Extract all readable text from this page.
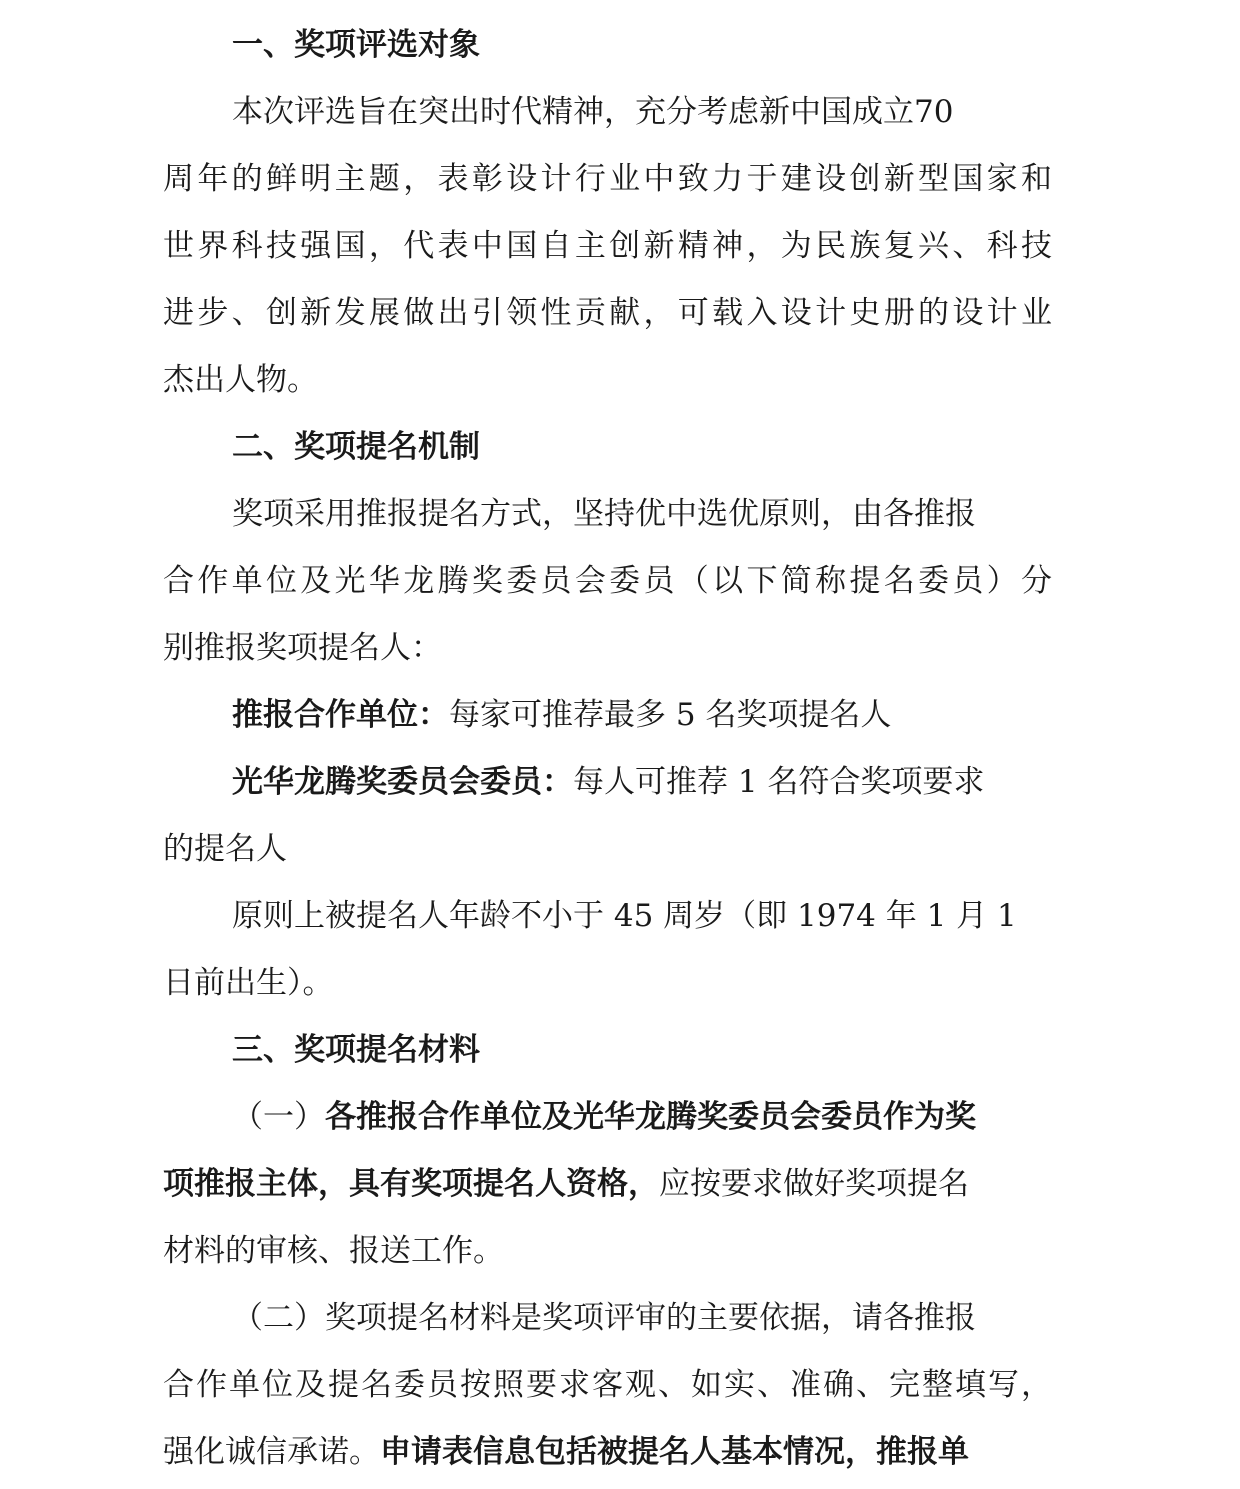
一、奖项评选对象
本次评选旨在突出时代精神，充分考虑新中国成立70
周年的鲜明主题，表彰设计行业中致力于建设创新型国家和
世界科技强国，代表中国自主创新精神，为民族复兴、科技
进步、创新发展做出引领性贡献，可载入设计史册的设计业
杰出人物。
二、奖项提名机制
奖项采用推报提名方式，坚持优中选优原则，由各推报
合作单位及光华龙腾奖委员会委员（以下简称提名委员）分
别推报奖项提名人：
推报合作单位：每家可推荐最多 5 名奖项提名人
光华龙腾奖委员会委员：每人可推荐 1 名符合奖项要求
的提名人
原则上被提名人年龄不小于 45 周岁（即 1974 年 1 月 1
日前出生）。
三、奖项提名材料
（一）各推报合作单位及光华龙腾奖委员会委员作为奖
项推报主体，具有奖项提名人资格，应按要求做好奖项提名
材料的审核、报送工作。
（二）奖项提名材料是奖项评审的主要依据，请各推报
合作单位及提名委员按照要求客观、如实、准确、完整填写，
强化诚信承诺。申请表信息包括被提名人基本情况，推报单
